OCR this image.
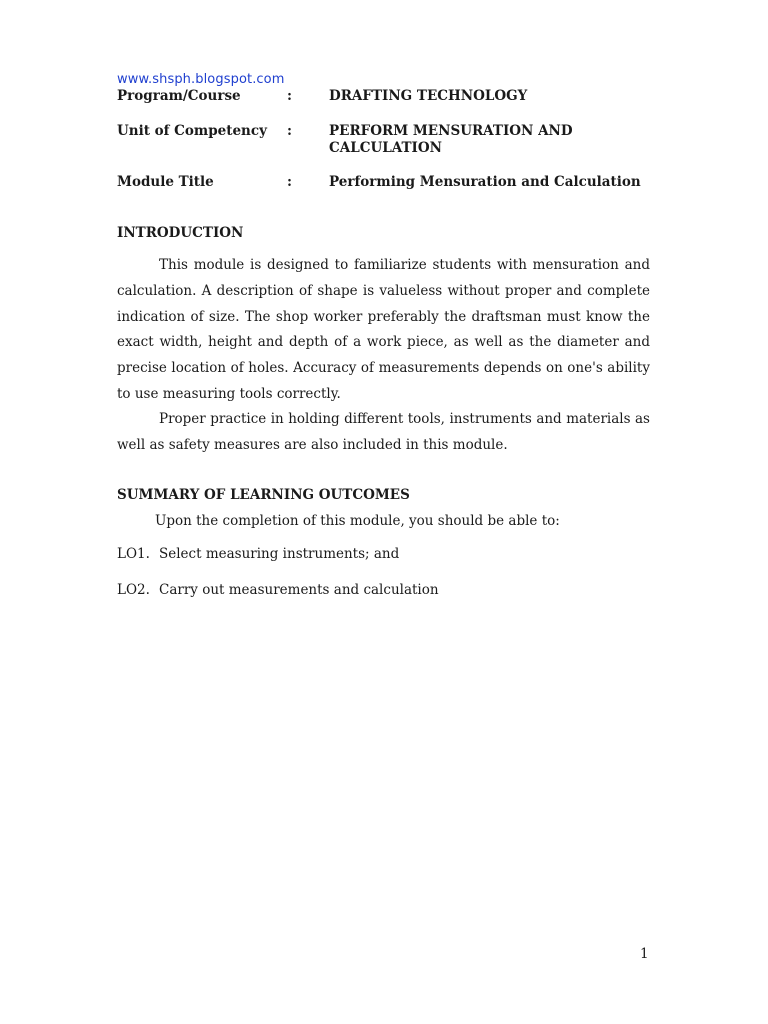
www.shsph.blogspot.com
Program/Course	:	DRAFTING TECHNOLOGY
Unit of Competency :	PERFORM MENSURATION AND CALCULATION
Module Title	:	Performing Mensuration and Calculation
INTRODUCTION

This module is designed to familiarize students with mensuration and calculation. A description of shape is valueless without proper and complete indication of size. The shop worker preferably the draftsman must know the exact width, height and depth of a work piece, as well as the diameter and precise location of holes. Accuracy of measurements depends on one's ability to use measuring tools correctly.

Proper practice in holding different tools, instruments and materials as well as safety measures are also included in this module.

SUMMARY OF LEARNING OUTCOMES
Upon the completion of this module, you should be able to:
LO1. Select measuring instruments; and
LO2. Carry out measurements and calculation
1
